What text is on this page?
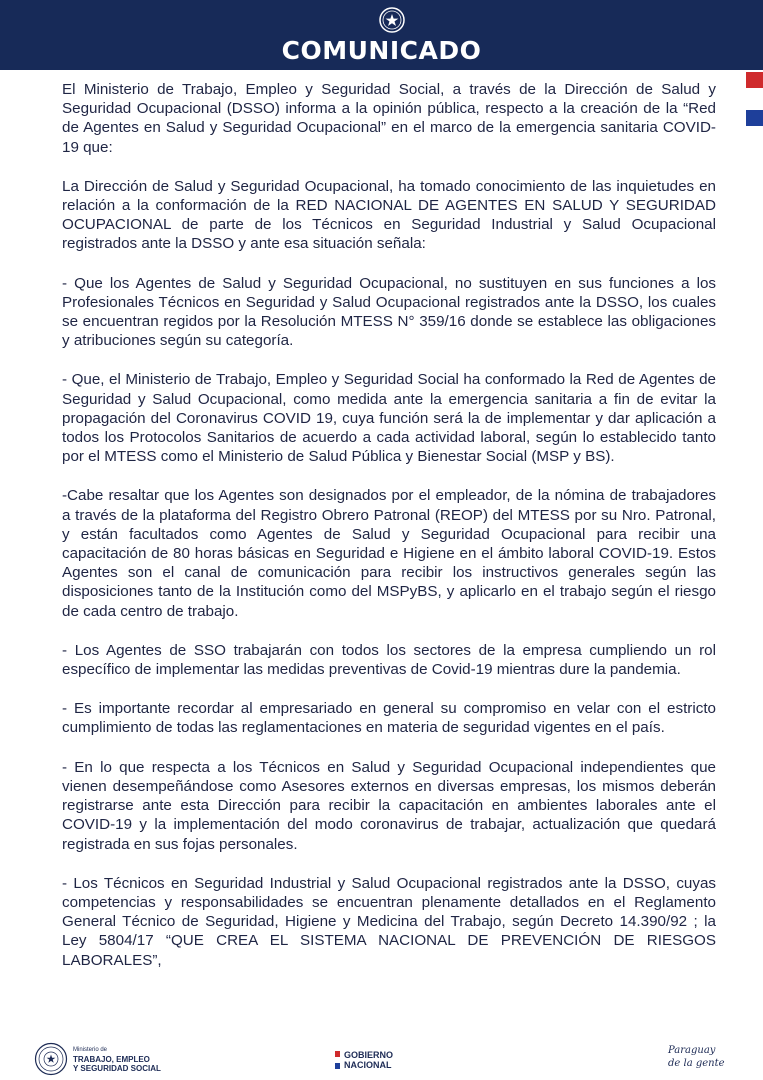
COMUNICADO

El Ministerio de Trabajo, Empleo y Seguridad Social, a través de la Dirección de Salud y Seguridad Ocupacional (DSSO) informa a la opinión pública, respecto a la creación de la “Red de Agentes en Salud y Seguridad Ocupacional” en el marco de la emergencia sanitaria COVID-19 que:

La Dirección de Salud y Seguridad Ocupacional, ha tomado conocimiento de las inquietudes en relación a la conformación de la RED NACIONAL DE AGENTES EN SALUD Y SEGURIDAD OCUPACIONAL de parte de los Técnicos en Seguridad Industrial y Salud Ocupacional registrados ante la DSSO y ante esa situación señala:

- Que los Agentes de Salud y Seguridad Ocupacional, no sustituyen en sus funciones a los Profesionales Técnicos en Seguridad y Salud Ocupacional registrados ante la DSSO, los cuales se encuentran regidos por la Resolución MTESS N° 359/16 donde se establece las obligaciones y atribuciones según su categoría.

- Que, el Ministerio de Trabajo, Empleo y Seguridad Social ha conformado la Red de Agentes de Seguridad y Salud Ocupacional, como medida ante la emergencia sanitaria a fin de evitar la propagación del Coronavirus COVID 19, cuya función será la de implementar y dar aplicación a todos los Protocolos Sanitarios de acuerdo a cada actividad laboral, según lo establecido tanto por el MTESS como el Ministerio de Salud Pública y Bienestar Social (MSP y BS).

-Cabe resaltar que los Agentes son designados por el empleador, de la nómina de trabajadores a través de la plataforma del Registro Obrero Patronal (REOP) del MTESS por su Nro. Patronal, y están facultados como Agentes de Salud y Seguridad Ocupacional para recibir una capacitación de 80 horas básicas en Seguridad e Higiene en el ámbito laboral COVID-19. Estos Agentes son el canal de comunicación para recibir los instructivos generales según las disposiciones tanto de la Institución como del MSPyBS, y aplicarlo en el trabajo según el riesgo de cada centro de trabajo.

- Los Agentes de SSO trabajarán con todos los sectores de la empresa cumpliendo un rol específico de implementar las medidas preventivas de Covid-19 mientras dure la pandemia.

- Es importante recordar al empresariado en general su compromiso en velar con el estricto cumplimiento de todas las reglamentaciones en materia de seguridad vigentes en el país.

- En lo que respecta a los Técnicos en Salud y Seguridad Ocupacional independientes que vienen desempeñándose como Asesores externos en diversas empresas, los mismos deberán registrarse ante esta Dirección para recibir la capacitación en ambientes laborales ante el COVID-19 y la implementación del modo coronavirus de trabajar, actualización que quedará registrada en sus fojas personales.

- Los Técnicos en Seguridad Industrial y Salud Ocupacional registrados ante la DSSO, cuyas competencias y responsabilidades se encuentran plenamente detallados en el Reglamento General Técnico de Seguridad, Higiene y Medicina del Trabajo, según Decreto 14.390/92 ; la Ley 5804/17 “QUE CREA EL SISTEMA NACIONAL DE PREVENCIÓN DE RIESGOS LABORALES”,

Ministerio de
TRABAJO, EMPLEO
Y SEGURIDAD SOCIAL
GOBIERNO
NACIONAL
Paraguay
de la gente
